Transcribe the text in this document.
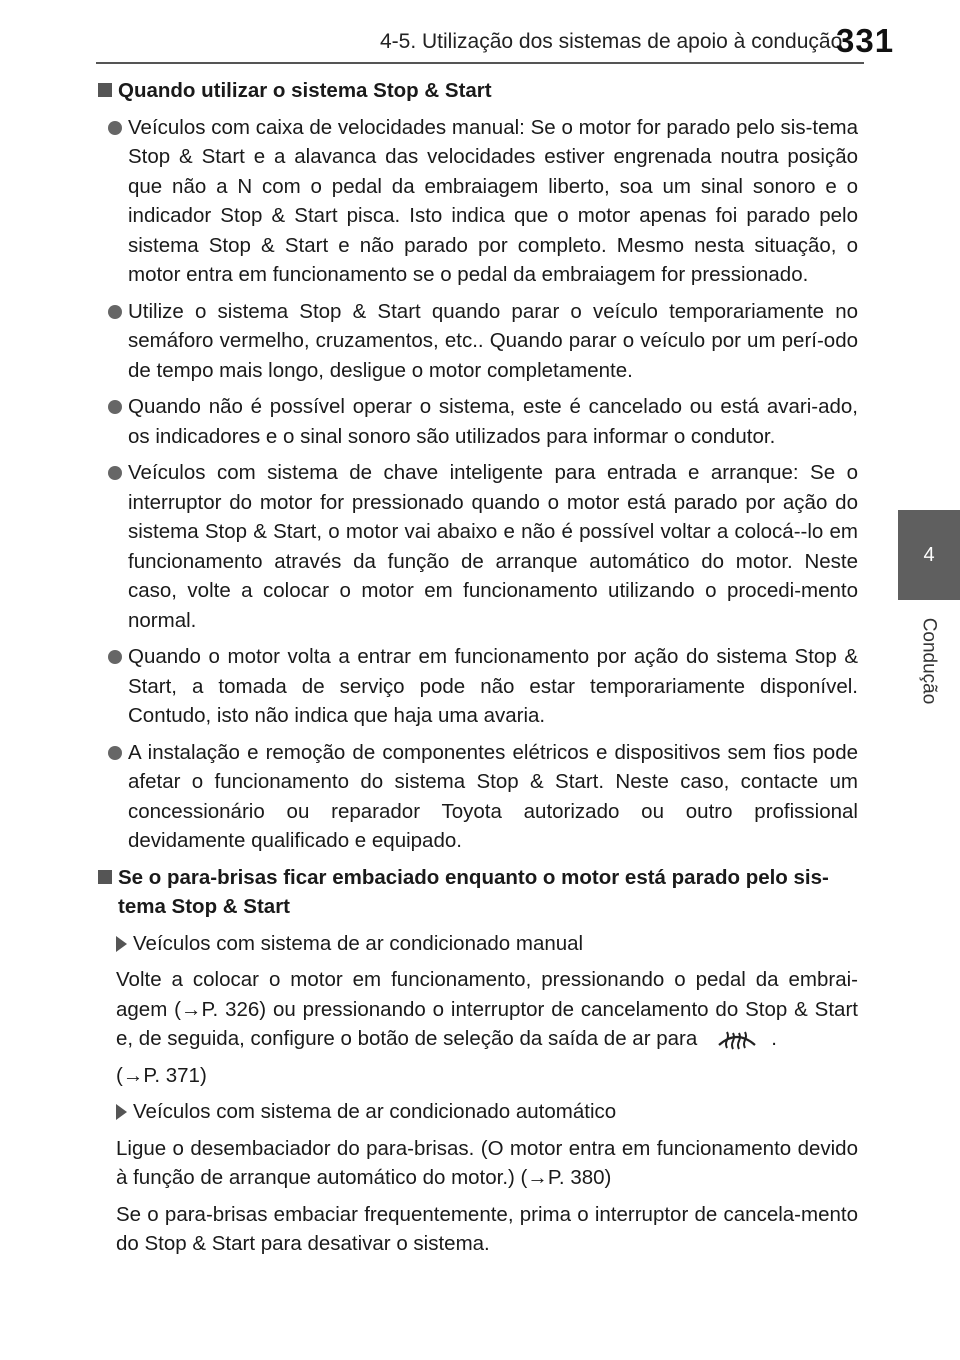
4-5. Utilização dos sistemas de apoio à condução
331
4
Condução
Quando utilizar o sistema Stop & Start
Veículos com caixa de velocidades manual: Se o motor for parado pelo sis-tema Stop & Start e a alavanca das velocidades estiver engrenada noutra posição que não a N com o pedal da embraiagem liberto, soa um sinal sonoro e o indicador Stop & Start pisca. Isto indica que o motor apenas foi parado pelo sistema Stop & Start e não parado por completo. Mesmo nesta situação, o motor entra em funcionamento se o pedal da embraiagem for pressionado.
Utilize o sistema Stop & Start quando parar o veículo temporariamente no semáforo vermelho, cruzamentos, etc.. Quando parar o veículo por um perí-odo de tempo mais longo, desligue o motor completamente.
Quando não é possível operar o sistema, este é cancelado ou está avari-ado, os indicadores e o sinal sonoro são utilizados para informar o condutor.
Veículos com sistema de chave inteligente para entrada e arranque: Se o interruptor do motor for pressionado quando o motor está parado por ação do sistema Stop & Start, o motor vai abaixo e não é possível voltar a colocá--lo em funcionamento através da função de arranque automático do motor. Neste caso, volte a colocar o motor em funcionamento utilizando o procedi-mento normal.
Quando o motor volta a entrar em funcionamento por ação do sistema Stop & Start, a tomada de serviço pode não estar temporariamente disponível. Contudo, isto não indica que haja uma avaria.
A instalação e remoção de componentes elétricos e dispositivos sem fios pode afetar o funcionamento do sistema Stop & Start. Neste caso, contacte um concessionário ou reparador Toyota autorizado ou outro profissional devidamente qualificado e equipado.
Se o para-brisas ficar embaciado enquanto o motor está parado pelo sis-tema Stop & Start
Veículos com sistema de ar condicionado manual
Volte a colocar o motor em funcionamento, pressionando o pedal da embrai-agem (→P. 326) ou pressionando o interruptor de cancelamento do Stop & Start e, de seguida, configure o botão de seleção da saída de ar para	.
(→P. 371)
Veículos com sistema de ar condicionado automático
Ligue o desembaciador do para-brisas. (O motor entra em funcionamento devido à função de arranque automático do motor.) (→P. 380)
Se o para-brisas embaciar frequentemente, prima o interruptor de cancela-mento do Stop & Start para desativar o sistema.
